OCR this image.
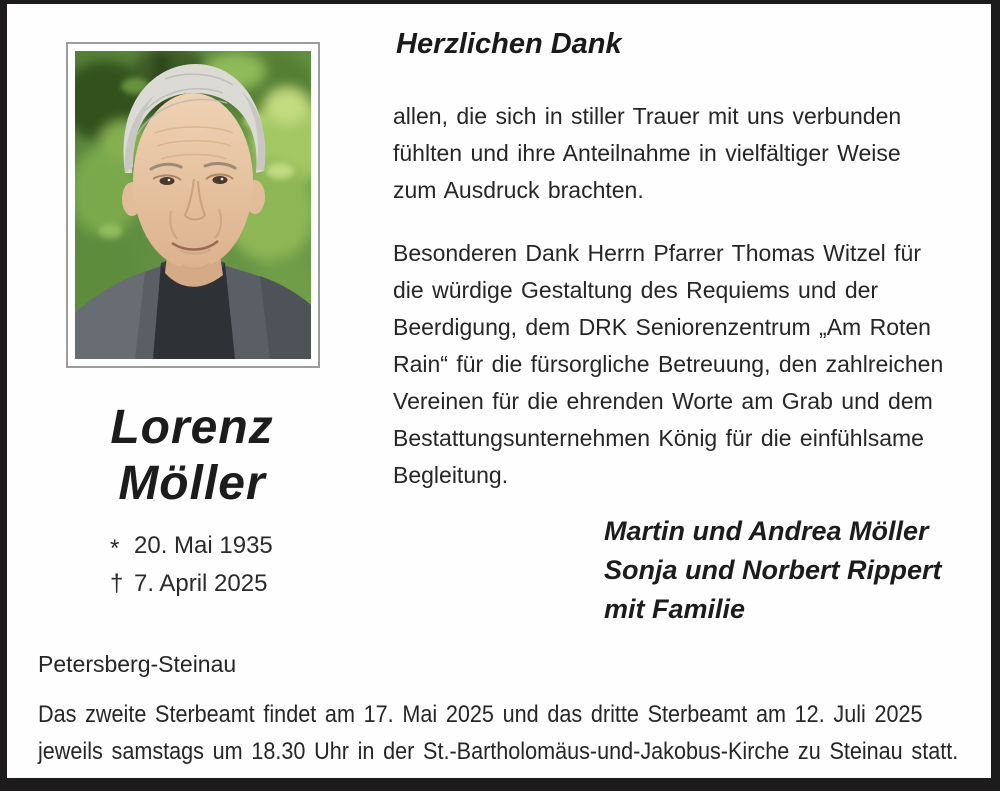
Lorenz
Möller
* 20. Mai 1935
† 7. April 2025
Herzlichen Dank
allen, die sich in stiller Trauer mit uns verbunden
fühlten und ihre Anteilnahme in vielfältiger Weise
zum Ausdruck brachten.
Besonderen Dank Herrn Pfarrer Thomas Witzel für
die würdige Gestaltung des Requiems und der
Beerdigung, dem DRK Seniorenzentrum „Am Roten
Rain“ für die fürsorgliche Betreuung, den zahlreichen
Vereinen für die ehrenden Worte am Grab und dem
Bestattungsunternehmen König für die einfühlsame
Begleitung.
Martin und Andrea Möller
Sonja und Norbert Rippert
mit Familie
Petersberg-Steinau
Das zweite Sterbeamt findet am 17. Mai 2025 und das dritte Sterbeamt am 12. Juli 2025
jeweils samstags um 18.30 Uhr in der St.-Bartholomäus-und-Jakobus-Kirche zu Steinau statt.
